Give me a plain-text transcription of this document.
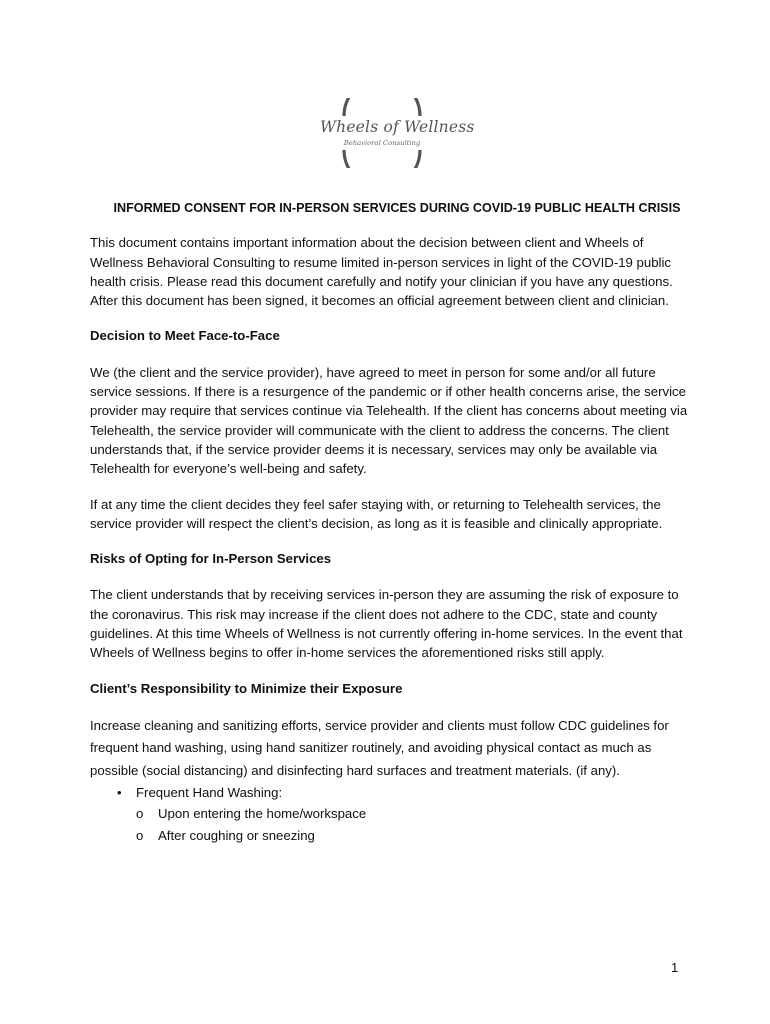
Wheels of Wellness
Behavioral Consulting
INFORMED CONSENT FOR IN-PERSON SERVICES DURING COVID-19 PUBLIC HEALTH CRISIS

This document contains important information about the decision between client and Wheels of Wellness Behavioral Consulting to resume limited in-person services in light of the COVID-19 public health crisis. Please read this document carefully and notify your clinician if you have any questions. After this document has been signed, it becomes an official agreement between client and clinician.

Decision to Meet Face-to-Face

We (the client and the service provider), have agreed to meet in person for some and/or all future service sessions. If there is a resurgence of the pandemic or if other health concerns arise, the service provider may require that services continue via Telehealth. If the client has concerns about meeting via Telehealth, the service provider will communicate with the client to address the concerns. The client understands that, if the service provider deems it is necessary, services may only be available via Telehealth for everyone’s well-being and safety.

If at any time the client decides they feel safer staying with, or returning to Telehealth services, the service provider will respect the client’s decision, as long as it is feasible and clinically appropriate.

Risks of Opting for In-Person Services

The client understands that by receiving services in-person they are assuming the risk of exposure to the coronavirus. This risk may increase if the client does not adhere to the CDC, state and county guidelines. At this time Wheels of Wellness is not currently offering in-home services. In the event that Wheels of Wellness begins to offer in-home services the aforementioned risks still apply.

Client’s Responsibility to Minimize their Exposure

Increase cleaning and sanitizing efforts, service provider and clients must follow CDC guidelines for frequent hand washing, using hand sanitizer routinely, and avoiding physical contact as much as possible (social distancing) and disinfecting hard surfaces and treatment materials. (if any).

• Frequent Hand Washing:
o Upon entering the home/workspace
o After coughing or sneezing
1
